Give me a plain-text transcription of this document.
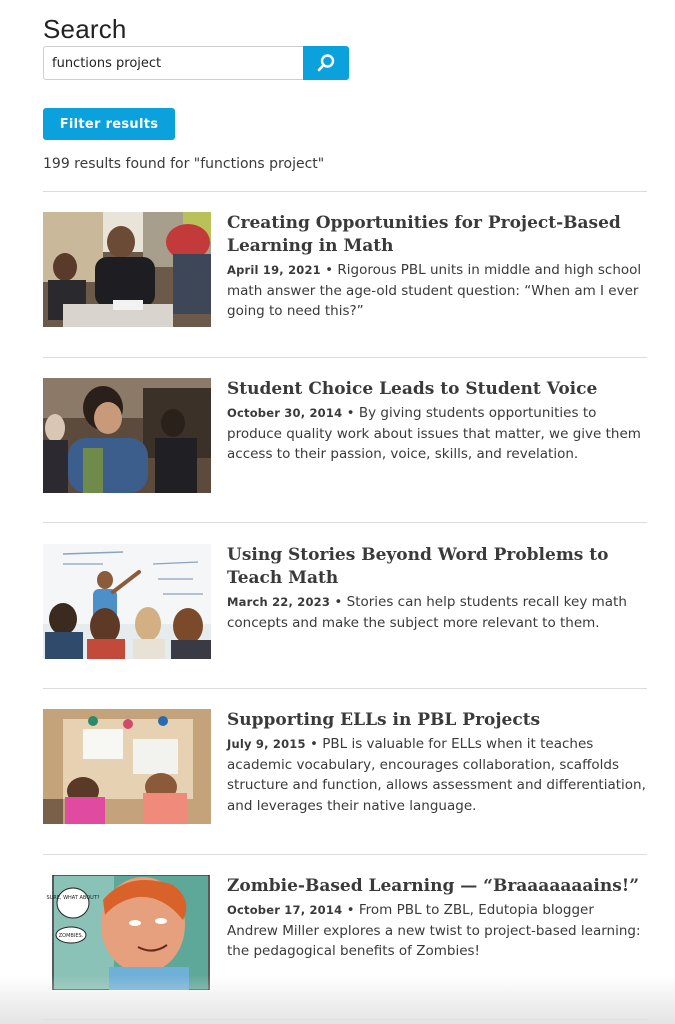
Search
functions project
Filter results
199 results found for "functions project"
Creating Opportunities for Project-Based Learning in Math

April 19, 2021 • Rigorous PBL units in middle and high school math answer the age-old student question: “When am I ever going to need this?”

Student Choice Leads to Student Voice

October 30, 2014 • By giving students opportunities to produce quality work about issues that matter, we give them access to their passion, voice, skills, and revelation.

Using Stories Beyond Word Problems to Teach Math

March 22, 2023 • Stories can help students recall key math concepts and make the subject more relevant to them.

Supporting ELLs in PBL Projects

July 9, 2015 • PBL is valuable for ELLs when it teaches academic vocabulary, encourages collaboration, scaffolds structure and function, allows assessment and differentiation, and leverages their native language.

SURE, WHAT ABOUT?
ZOMBIES.
Zombie-Based Learning — “Braaaaaaains!”

October 17, 2014 • From PBL to ZBL, Edutopia blogger Andrew Miller explores a new twist to project-based learning: the pedagogical benefits of Zombies!
